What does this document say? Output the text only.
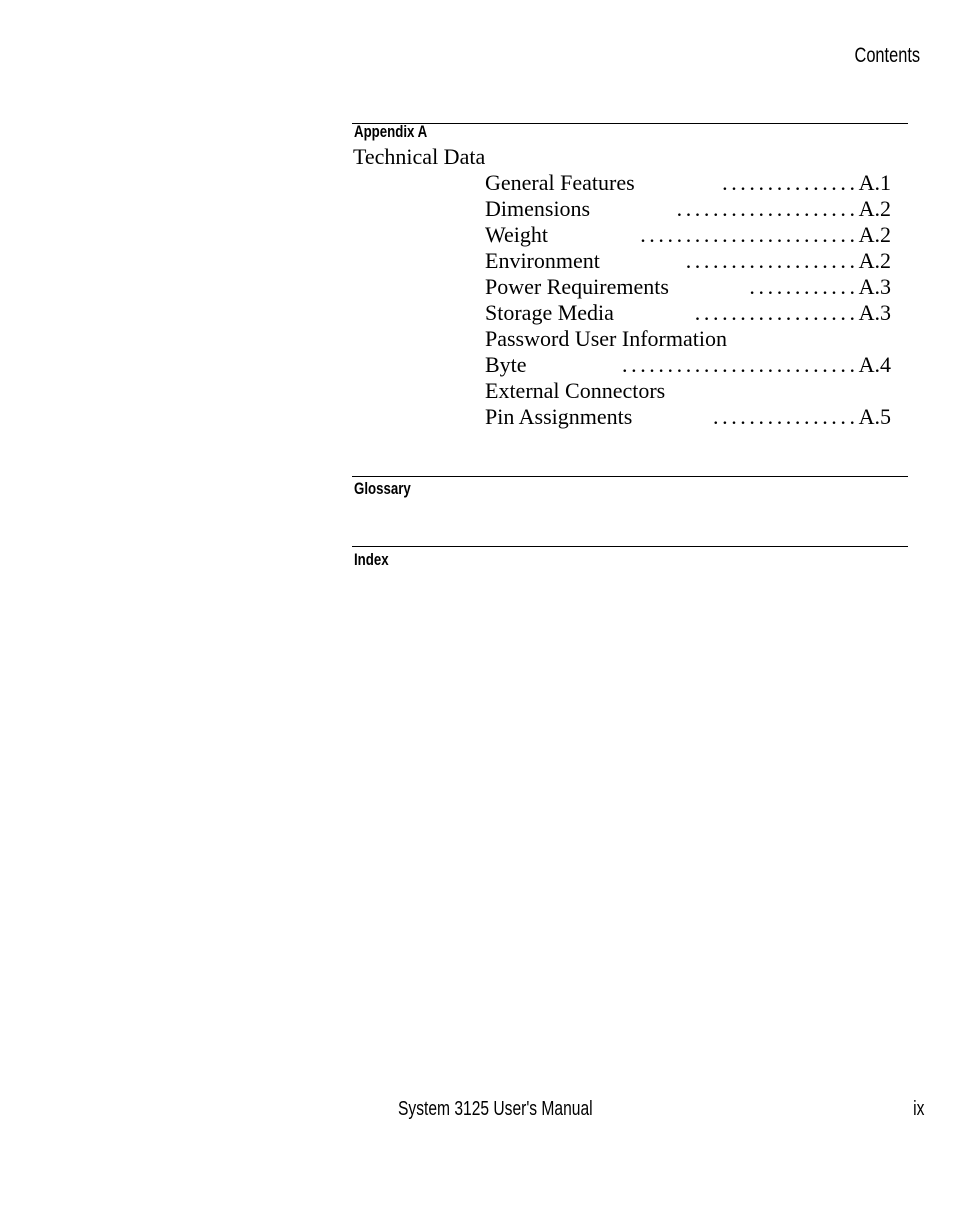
Contents
Appendix A
Technical Data
General Features	............... A.1
Dimensions	.................... A.2
Weight	........................ A.2
Environment	................... A.2
Power Requirements	............ A.3
Storage Media	.................. A.3
Password User Information
Byte	.......................... A.4
External Connectors
Pin Assignments	................ A.5
Glossary
Index
System 3125 User's Manual	ix
